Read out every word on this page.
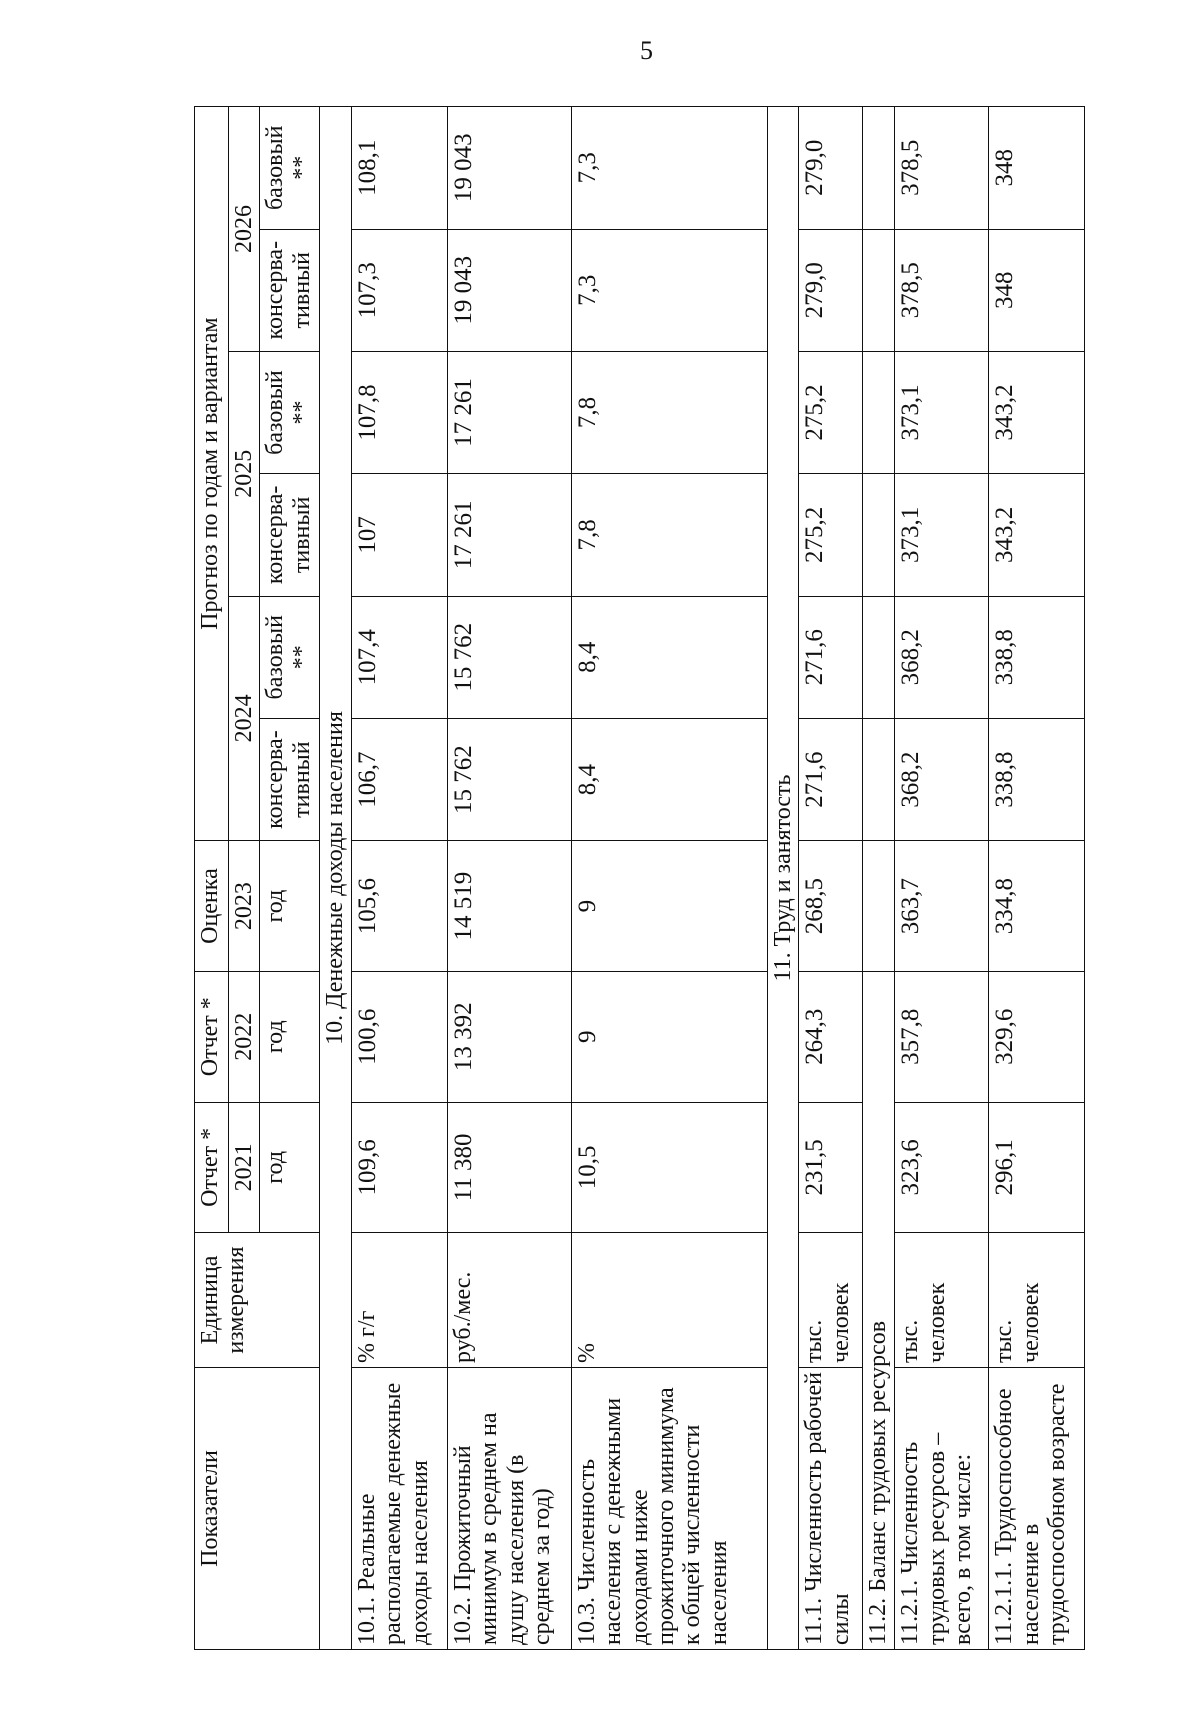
5
Показатели	Единица измерения	Отчет *	Отчет *	Оценка	Прогноз по годам и вариантам					
		2021	2022	2023	2024		2025		2026	
		год	год	год	консерва-тивный	базовый **	консерва-тивный	базовый **	консерва-тивный	базовый **
10. Денежные доходы населения										
10.1. Реальные располагаемые денежные доходы населения	% г/г	109,6	100,6	105,6	106,7	107,4	107	107,8	107,3	108,1
10.2. Прожиточный минимум в среднем на душу населения (в среднем за год)	руб./мес.	11 380	13 392	14 519	15 762	15 762	17 261	17 261	19 043	19 043
10.3. Численность населения с денежными доходами ниже прожиточного минимума к общей численности населения	%	10,5	9	9	8,4	8,4	7,8	7,8	7,3	7,3
11. Труд и занятость										
11.1. Численность рабочей силы	тыс. человек	231,5	264,3	268,5	271,6	271,6	275,2	275,2	279,0	279,0
11.2. Баланс трудовых ресурсов										
11.2.1. Численность трудовых ресурсов – всего, в том числе:	тыс. человек	323,6	357,8	363,7	368,2	368,2	373,1	373,1	378,5	378,5
11.2.1.1. Трудоспособное население в трудоспособном возрасте	тыс. человек	296,1	329,6	334,8	338,8	338,8	343,2	343,2	348	348
